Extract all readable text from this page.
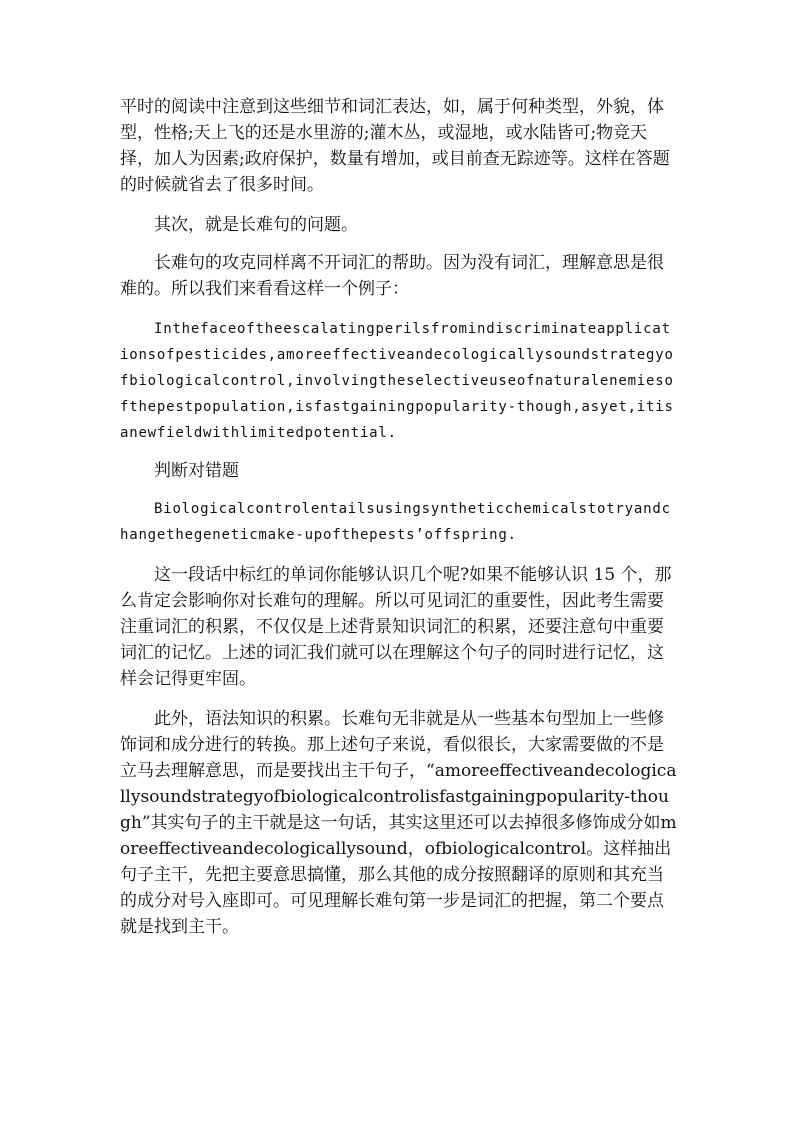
平时的阅读中注意到这些细节和词汇表达，如，属于何种类型，外貌，体型，性格;天上飞的还是水里游的;灌木丛，或湿地，或水陆皆可;物竞天择，加人为因素;政府保护，数量有增加，或目前查无踪迹等。这样在答题的时候就省去了很多时间。

其次，就是长难句的问题。

长难句的攻克同样离不开词汇的帮助。因为没有词汇，理解意思是很难的。所以我们来看看这样一个例子：

Inthefaceoftheescalatingperilsfromindiscriminateapplicationsofpesticides,amoreeffectiveandecologicallysoundstrategyofbiologicalcontrol,involvingtheselectiveuseofnaturalenemiesofthepestpopulation,isfastgainingpopularity-though,asyet,itisanewfieldwithlimitedpotential.

判断对错题

Biologicalcontrolentailsusingsyntheticchemicalstotryandchangethegeneticmake-upofthepests’offspring.

这一段话中标红的单词你能够认识几个呢?如果不能够认识 15 个，那么肯定会影响你对长难句的理解。所以可见词汇的重要性，因此考生需要注重词汇的积累，不仅仅是上述背景知识词汇的积累，还要注意句中重要词汇的记忆。上述的词汇我们就可以在理解这个句子的同时进行记忆，这样会记得更牢固。

此外，语法知识的积累。长难句无非就是从一些基本句型加上一些修饰词和成分进行的转换。那上述句子来说，看似很长，大家需要做的不是立马去理解意思，而是要找出主干句子，“amoreeffectiveandecologicallysoundstrategyofbiologicalcontrolisfastgainingpopularity-though”其实句子的主干就是这一句话，其实这里还可以去掉很多修饰成分如moreeffectiveandecologicallysound，ofbiologicalcontrol。这样抽出句子主干，先把主要意思搞懂，那么其他的成分按照翻译的原则和其充当的成分对号入座即可。可见理解长难句第一步是词汇的把握，第二个要点就是找到主干。
